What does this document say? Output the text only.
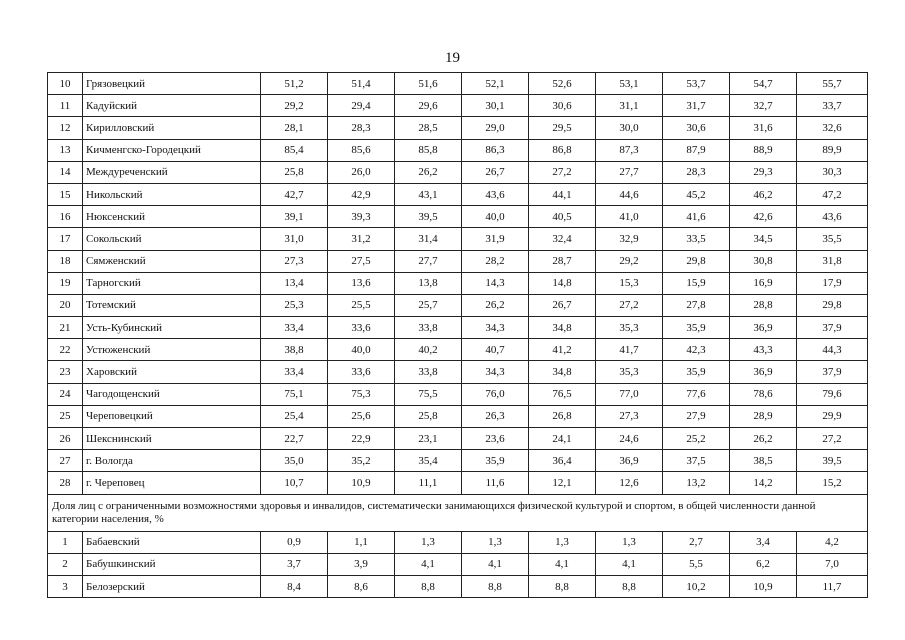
19
10	Грязовецкий	51,2	51,4	51,6	52,1	52,6	53,1	53,7	54,7	55,7
11	Кадуйский	29,2	29,4	29,6	30,1	30,6	31,1	31,7	32,7	33,7
12	Кирилловский	28,1	28,3	28,5	29,0	29,5	30,0	30,6	31,6	32,6
13	Кичменгско-Городецкий	85,4	85,6	85,8	86,3	86,8	87,3	87,9	88,9	89,9
14	Междуреченский	25,8	26,0	26,2	26,7	27,2	27,7	28,3	29,3	30,3
15	Никольский	42,7	42,9	43,1	43,6	44,1	44,6	45,2	46,2	47,2
16	Нюксенский	39,1	39,3	39,5	40,0	40,5	41,0	41,6	42,6	43,6
17	Сокольский	31,0	31,2	31,4	31,9	32,4	32,9	33,5	34,5	35,5
18	Сямженский	27,3	27,5	27,7	28,2	28,7	29,2	29,8	30,8	31,8
19	Тарногский	13,4	13,6	13,8	14,3	14,8	15,3	15,9	16,9	17,9
20	Тотемский	25,3	25,5	25,7	26,2	26,7	27,2	27,8	28,8	29,8
21	Усть-Кубинский	33,4	33,6	33,8	34,3	34,8	35,3	35,9	36,9	37,9
22	Устюженский	38,8	40,0	40,2	40,7	41,2	41,7	42,3	43,3	44,3
23	Харовский	33,4	33,6	33,8	34,3	34,8	35,3	35,9	36,9	37,9
24	Чагодощенский	75,1	75,3	75,5	76,0	76,5	77,0	77,6	78,6	79,6
25	Череповецкий	25,4	25,6	25,8	26,3	26,8	27,3	27,9	28,9	29,9
26	Шекснинский	22,7	22,9	23,1	23,6	24,1	24,6	25,2	26,2	27,2
27	г. Вологда	35,0	35,2	35,4	35,9	36,4	36,9	37,5	38,5	39,5
28	г. Череповец	10,7	10,9	11,1	11,6	12,1	12,6	13,2	14,2	15,2
Доля лиц с ограниченными возможностями здоровья и инвалидов, систематически занимающихся физической культурой и спортом, в общей численности данной категории населения, %										
1	Бабаевский	0,9	1,1	1,3	1,3	1,3	1,3	2,7	3,4	4,2
2	Бабушкинский	3,7	3,9	4,1	4,1	4,1	4,1	5,5	6,2	7,0
3	Белозерский	8,4	8,6	8,8	8,8	8,8	8,8	10,2	10,9	11,7
